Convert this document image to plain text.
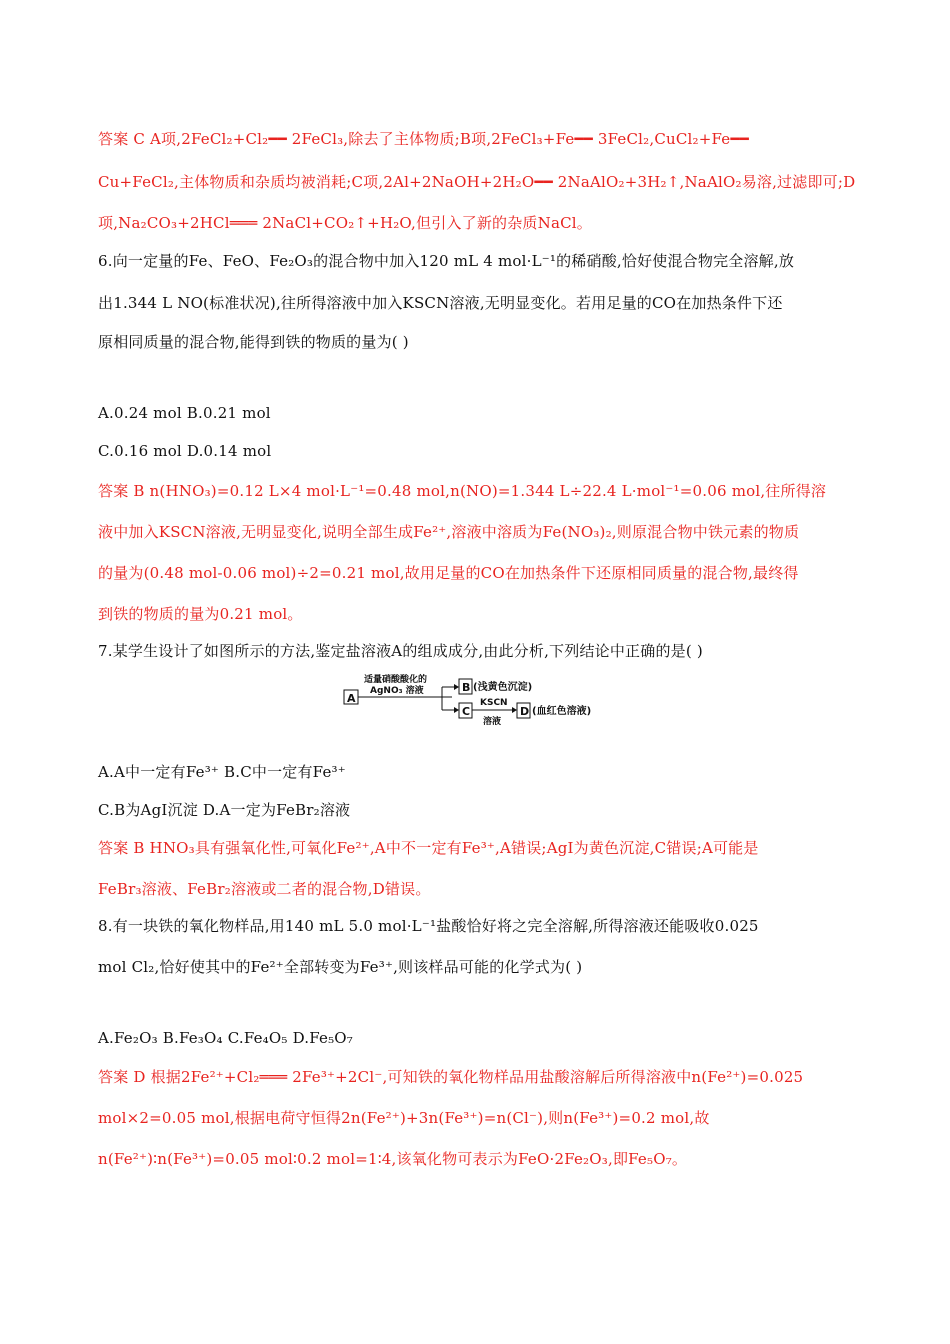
答案 C A项,2FeCl₂+Cl₂━━ 2FeCl₃,除去了主体物质;B项,2FeCl₃+Fe━━ 3FeCl₂,CuCl₂+Fe━━
Cu+FeCl₂,主体物质和杂质均被消耗;C项,2Al+2NaOH+2H₂O━━ 2NaAlO₂+3H₂↑,NaAlO₂易溶,过滤即可;D
项,Na₂CO₃+2HCl═══ 2NaCl+CO₂↑+H₂O,但引入了新的杂质NaCl。
6.向一定量的Fe、FeO、Fe₂O₃的混合物中加入120 mL 4 mol·L⁻¹的稀硝酸,恰好使混合物完全溶解,放
出1.344 L NO(标准状况),往所得溶液中加入KSCN溶液,无明显变化。若用足量的CO在加热条件下还
原相同质量的混合物,能得到铁的物质的量为( )
A.0.24 mol B.0.21 mol
C.0.16 mol D.0.14 mol
答案 B n(HNO₃)=0.12 L×4 mol·L⁻¹=0.48 mol,n(NO)=1.344 L÷22.4 L·mol⁻¹=0.06 mol,往所得溶
液中加入KSCN溶液,无明显变化,说明全部生成Fe²⁺,溶液中溶质为Fe(NO₃)₂,则原混合物中铁元素的物质
的量为(0.48 mol-0.06 mol)÷2=0.21 mol,故用足量的CO在加热条件下还原相同质量的混合物,最终得
到铁的物质的量为0.21 mol。
7.某学生设计了如图所示的方法,鉴定盐溶液A的组成成分,由此分析,下列结论中正确的是( )
A
适量硝酸酸化的
AgNO₃ 溶液	B (浅黄色沉淀)
C
KSCN
溶液
D (血红色溶液)
A.A中一定有Fe³⁺ B.C中一定有Fe³⁺
C.B为AgI沉淀 D.A一定为FeBr₂溶液
答案 B HNO₃具有强氧化性,可氧化Fe²⁺,A中不一定有Fe³⁺,A错误;AgI为黄色沉淀,C错误;A可能是
FeBr₃溶液、FeBr₂溶液或二者的混合物,D错误。
8.有一块铁的氧化物样品,用140 mL 5.0 mol·L⁻¹盐酸恰好将之完全溶解,所得溶液还能吸收0.025
mol Cl₂,恰好使其中的Fe²⁺全部转变为Fe³⁺,则该样品可能的化学式为( )
A.Fe₂O₃ B.Fe₃O₄ C.Fe₄O₅ D.Fe₅O₇
答案 D 根据2Fe²⁺+Cl₂═══ 2Fe³⁺+2Cl⁻,可知铁的氧化物样品用盐酸溶解后所得溶液中n(Fe²⁺)=0.025
mol×2=0.05 mol,根据电荷守恒得2n(Fe²⁺)+3n(Fe³⁺)=n(Cl⁻),则n(Fe³⁺)=0.2 mol,故
n(Fe²⁺)∶n(Fe³⁺)=0.05 mol∶0.2 mol=1∶4,该氧化物可表示为FeO·2Fe₂O₃,即Fe₅O₇。
